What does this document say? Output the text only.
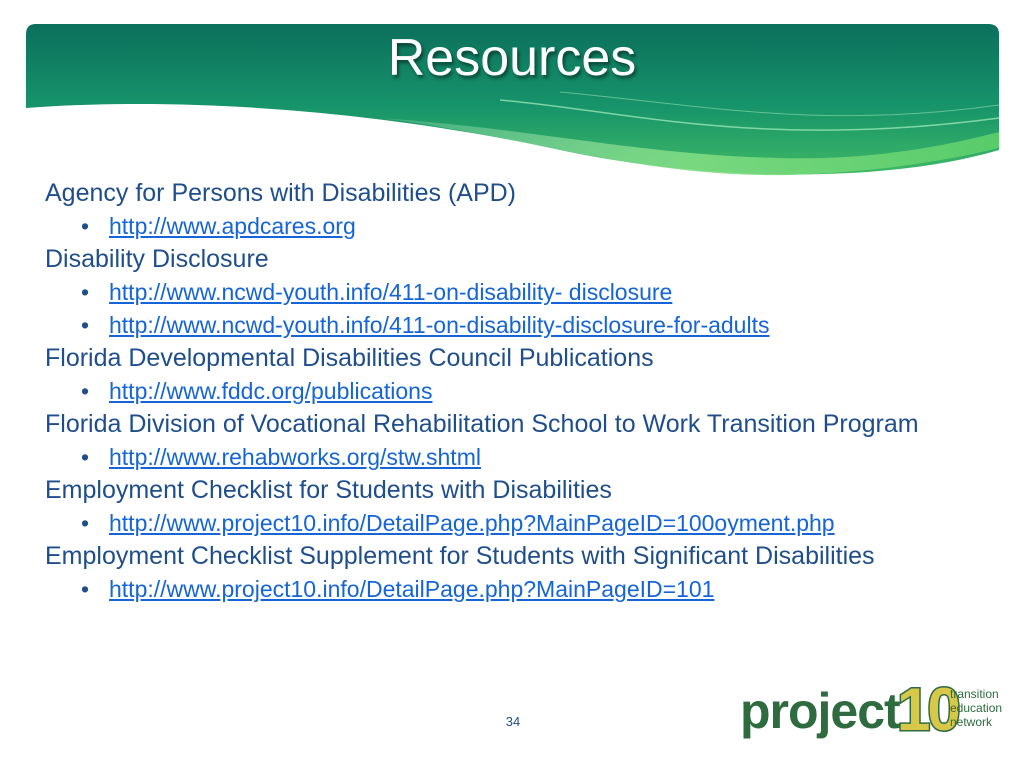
Resources
Agency for Persons with Disabilities (APD)
• http://www.apdcares.org
Disability Disclosure
• http://www.ncwd-youth.info/411-on-disability- disclosure
• http://www.ncwd-youth.info/411-on-disability-disclosure-for-adults
Florida Developmental Disabilities Council Publications
• http://www.fddc.org/publications
Florida Division of Vocational Rehabilitation School to Work Transition Program
• http://www.rehabworks.org/stw.shtml
Employment Checklist for Students with Disabilities
• http://www.project10.info/DetailPage.php?MainPageID=100oyment.php
Employment Checklist Supplement for Students with Significant Disabilities
• http://www.project10.info/DetailPage.php?MainPageID=101
34	project
10
transition
education
network
